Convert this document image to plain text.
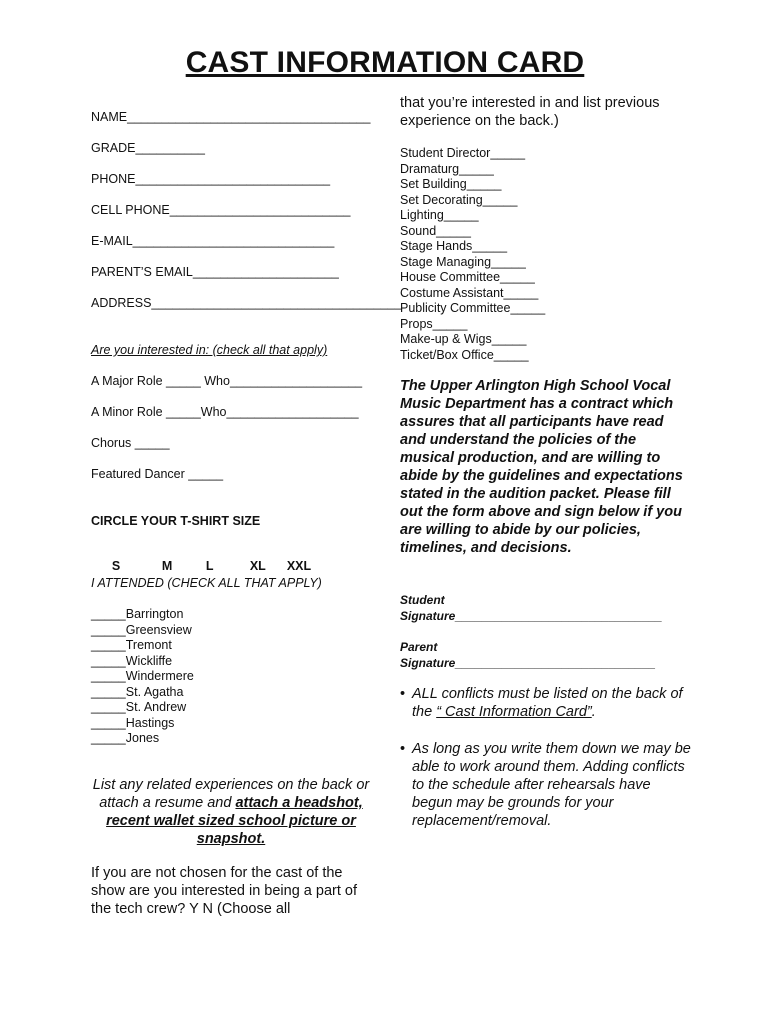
CAST INFORMATION CARD
NAME___________________________________
GRADE__________
PHONE____________________________
CELL PHONE__________________________
E-MAIL_____________________________
PARENT’S EMAIL_____________________
ADDRESS____________________________________
Are you interested in: (check all that apply)
A Major Role _____ Who___________________
A Minor Role _____Who___________________
Chorus _____
Featured Dancer _____
CIRCLE YOUR T-SHIRT SIZE

S	M	L	XL XXL

I ATTENDED (CHECK ALL THAT APPLY)
_____Barrington
_____Greensview
_____Tremont
_____Wickliffe
_____Windermere
_____St. Agatha
_____St. Andrew
_____Hastings
_____Jones
List any related experiences on the back or attach a resume and attach a headshot, recent wallet sized school picture or snapshot.
If you are not chosen for the cast of the show are you interested in being a part of the tech crew? Y N (Choose all
that you’re interested in and list previous experience on the back.)
Student Director_____
Dramaturg_____
Set Building_____
Set Decorating_____
Lighting_____
Sound_____
Stage Hands_____
Stage Managing_____
House Committee_____
Costume Assistant_____
Publicity Committee_____
Props_____
Make-up & Wigs_____
Ticket/Box Office_____
The Upper Arlington High School Vocal Music Department has a contract which assures that all participants have read and understand the policies of the musical production, and are willing to abide by the guidelines and expectations stated in the audition packet. Please fill out the form above and sign below if you are willing to abide by our policies, timelines, and decisions.
Student
Signature_______________________________
Parent
Signature______________________________
• ALL conflicts must be listed on the back of the “ Cast Information Card”.
• As long as you write them down we may be able to work around them. Adding conflicts to the schedule after rehearsals have begun may be grounds for your replacement/removal.
